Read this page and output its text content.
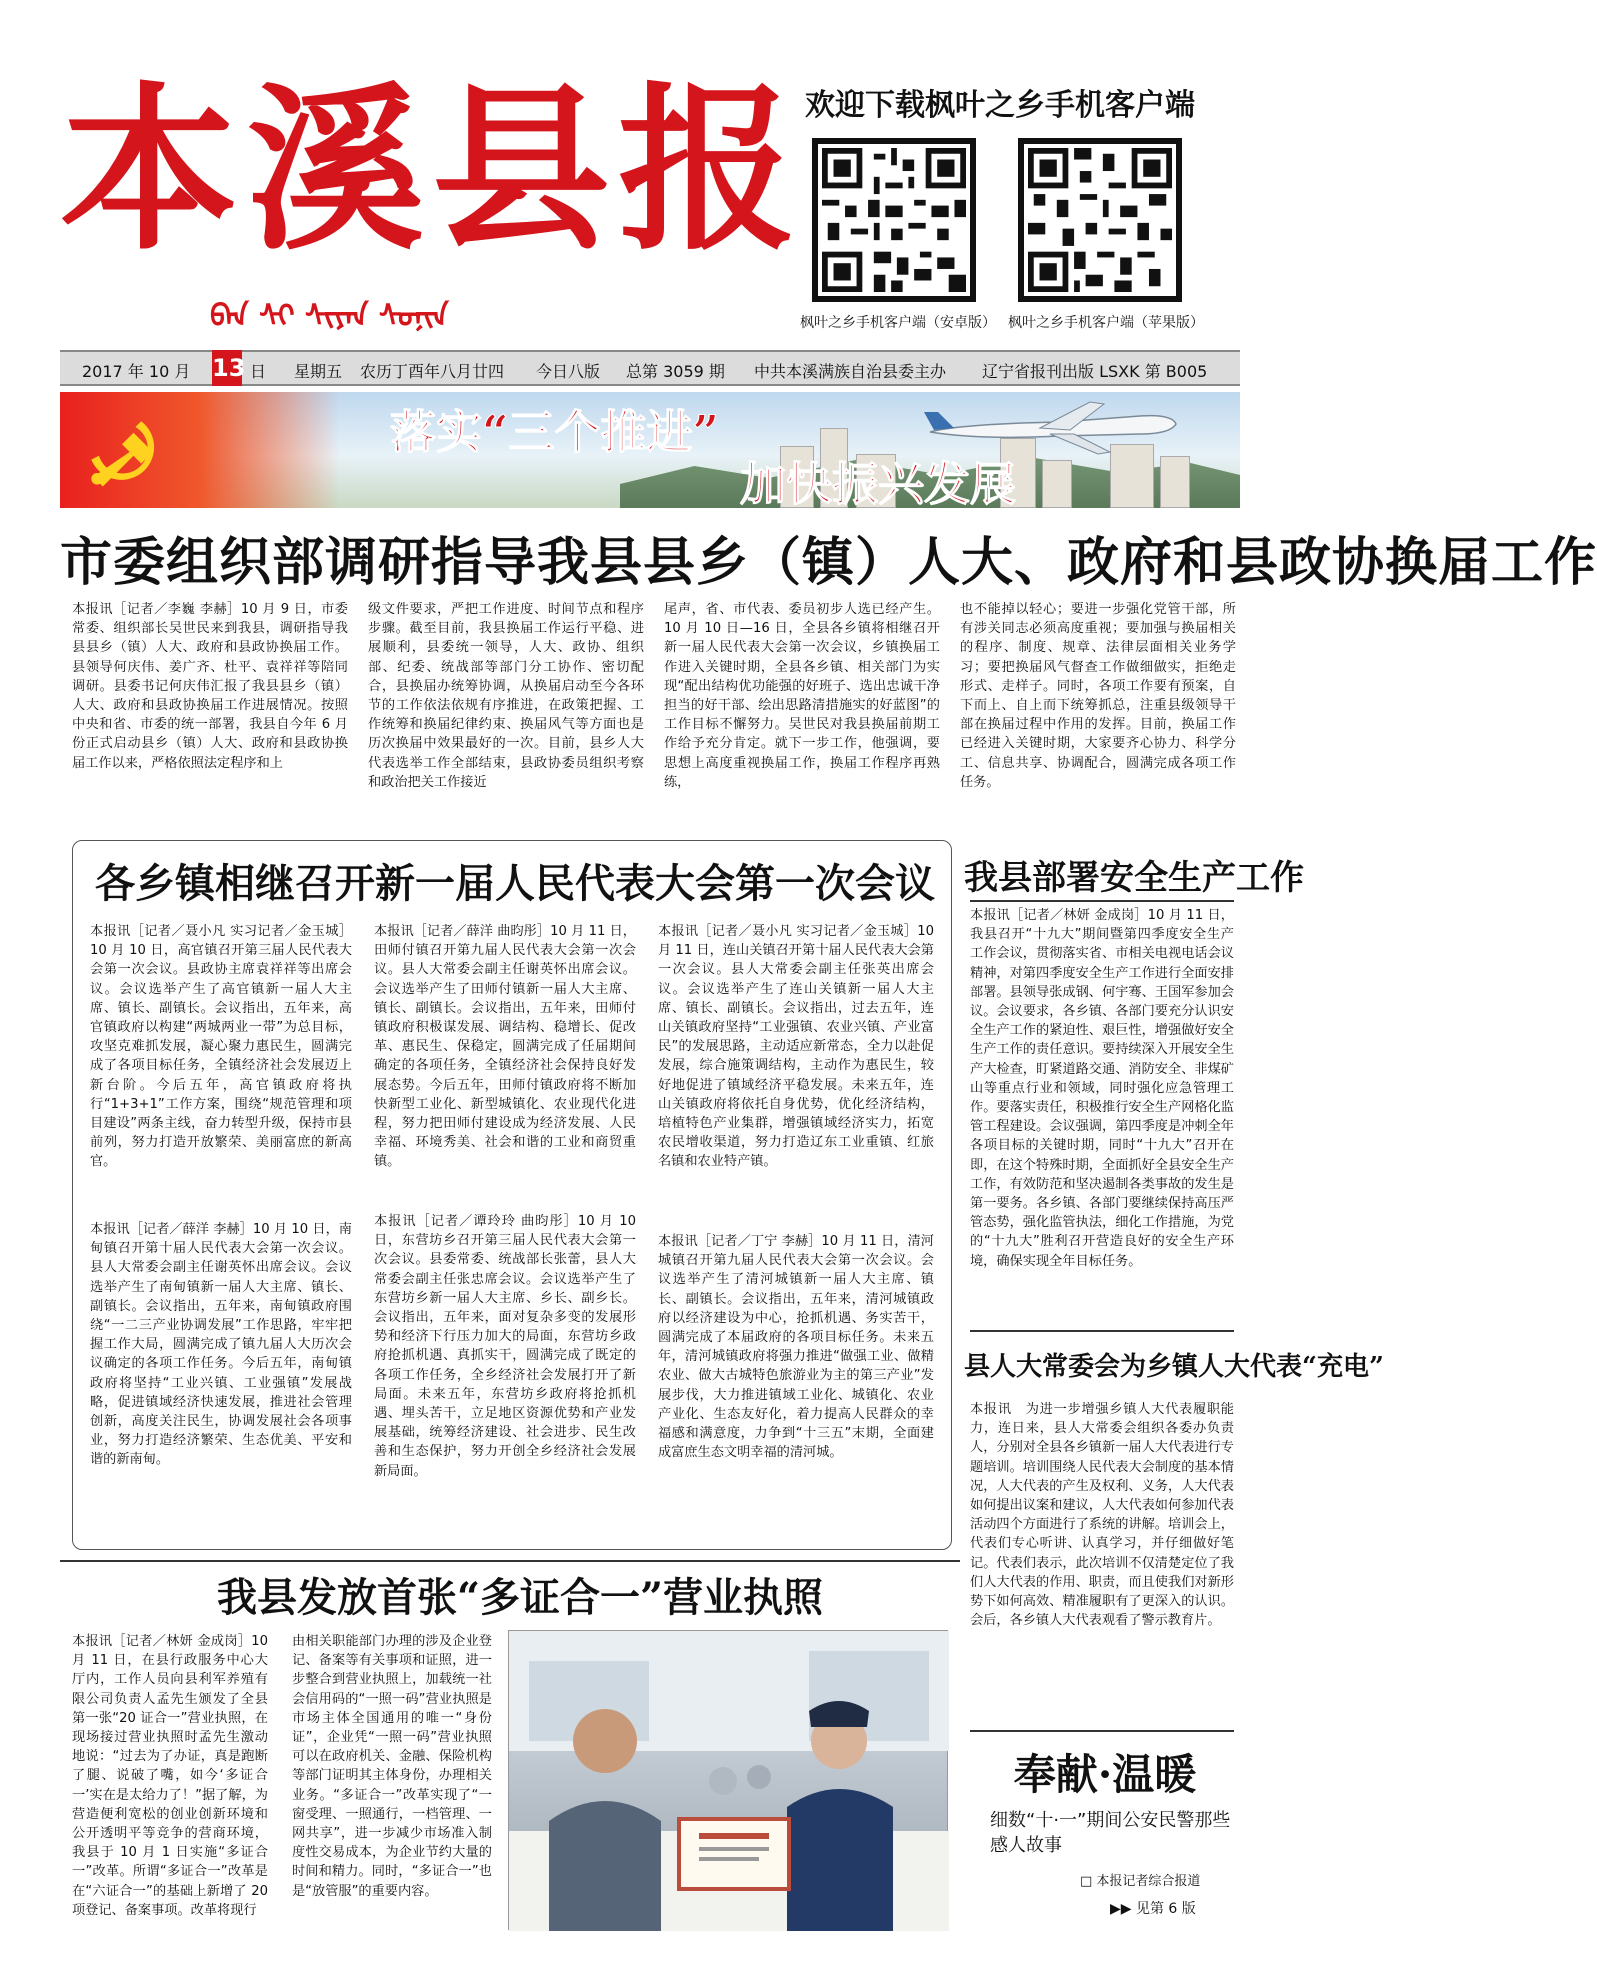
本溪县报
ᠪᠡᠨ ᠰᠢ ᠰᠢᠶᠠᠨ ᠰᠣᠨᠢᠨ
欢迎下载枫叶之乡手机客户端
枫叶之乡手机客户端（安卓版） 枫叶之乡手机客户端（苹果版）
2017 年 10 月 13 日 星期五 农历丁酉年八月廿四 今日八版 总第 3059 期 中共本溪满族自治县委主办 辽宁省报刊出版 LSXK 第 B005
落实“三个推进”
加快振兴发展
市委组织部调研指导我县县乡（镇）人大、政府和县政协换届工作
本报讯［记者／李巍 李赫］10 月 9 日，市委常委、组织部长吴世民来到我县，调研指导我县县乡（镇）人大、政府和县政协换届工作。县领导何庆伟、姜广齐、杜平、袁祥祥等陪同调研。县委书记何庆伟汇报了我县县乡（镇）人大、政府和县政协换届工作进展情况。按照中央和省、市委的统一部署，我县自今年 6 月份正式启动县乡（镇）人大、政府和县政协换届工作以来，严格依照法定程序和上
级文件要求，严把工作进度、时间节点和程序步骤。截至目前，我县换届工作运行平稳、进展顺利，县委统一领导，人大、政协、组织部、纪委、统战部等部门分工协作、密切配合，县换届办统筹协调，从换届启动至今各环节的工作依法依规有序推进，在政策把握、工作统筹和换届纪律约束、换届风气等方面也是历次换届中效果最好的一次。目前，县乡人大代表选举工作全部结束，县政协委员组织考察和政治把关工作接近
尾声，省、市代表、委员初步人选已经产生。10 月 10 日—16 日，全县各乡镇将相继召开新一届人民代表大会第一次会议，乡镇换届工作进入关键时期，全县各乡镇、相关部门为实现“配出结构优功能强的好班子、选出忠诚干净担当的好干部、绘出思路清措施实的好蓝图”的工作目标不懈努力。吴世民对我县换届前期工作给予充分肯定。就下一步工作，他强调，要思想上高度重视换届工作，换届工作程序再熟练，
也不能掉以轻心；要进一步强化党管干部，所有涉关同志必须高度重视；要加强与换届相关的程序、制度、规章、法律层面相关业务学习；要把换届风气督查工作做细做实，拒绝走形式、走样子。同时，各项工作要有预案，自下而上、自上而下统筹抓总，注重县级领导干部在换届过程中作用的发挥。目前，换届工作已经进入关键时期，大家要齐心协力、科学分工、信息共享、协调配合，圆满完成各项工作任务。
各乡镇相继召开新一届人民代表大会第一次会议
本报讯［记者／聂小凡 实习记者／金玉城］10 月 10 日，高官镇召开第三届人民代表大会第一次会议。县政协主席袁祥祥等出席会议。会议选举产生了高官镇新一届人大主席、镇长、副镇长。会议指出，五年来，高官镇政府以构建“两城两业一带”为总目标，攻坚克难抓发展，凝心聚力惠民生，圆满完成了各项目标任务，全镇经济社会发展迈上新台阶。今后五年，高官镇政府将执行“1+3+1”工作方案，围绕“规范管理和项目建设”两条主线，奋力转型升级，保持市县前列，努力打造开放繁荣、美丽富庶的新高官。
本报讯［记者／薛洋 李赫］10 月 10 日，南甸镇召开第十届人民代表大会第一次会议。县人大常委会副主任谢英怀出席会议。会议选举产生了南甸镇新一届人大主席、镇长、副镇长。会议指出，五年来，南甸镇政府围绕“一二三产业协调发展”工作思路，牢牢把握工作大局，圆满完成了镇九届人大历次会议确定的各项工作任务。今后五年，南甸镇政府将坚持“工业兴镇、工业强镇”发展战略，促进镇域经济快速发展，推进社会管理创新，高度关注民生，协调发展社会各项事业，努力打造经济繁荣、生态优美、平安和谐的新南甸。
本报讯［记者／薛洋 曲昀彤］10 月 11 日，田师付镇召开第九届人民代表大会第一次会议。县人大常委会副主任谢英怀出席会议。会议选举产生了田师付镇新一届人大主席、镇长、副镇长。会议指出，五年来，田师付镇政府积极谋发展、调结构、稳增长、促改革、惠民生、保稳定，圆满完成了任届期间确定的各项任务，全镇经济社会保持良好发展态势。今后五年，田师付镇政府将不断加快新型工业化、新型城镇化、农业现代化进程，努力把田师付建设成为经济发展、人民幸福、环境秀美、社会和谐的工业和商贸重镇。
本报讯［记者／谭玲玲 曲昀彤］10 月 10 日，东营坊乡召开第三届人民代表大会第一次会议。县委常委、统战部长张蕾，县人大常委会副主任张忠席会议。会议选举产生了东营坊乡新一届人大主席、乡长、副乡长。会议指出，五年来，面对复杂多变的发展形势和经济下行压力加大的局面，东营坊乡政府抢抓机遇、真抓实干，圆满完成了既定的各项工作任务，全乡经济社会发展打开了新局面。未来五年，东营坊乡政府将抢抓机遇、埋头苦干，立足地区资源优势和产业发展基础，统筹经济建设、社会进步、民生改善和生态保护，努力开创全乡经济社会发展新局面。
本报讯［记者／聂小凡 实习记者／金玉城］10 月 11 日，连山关镇召开第十届人民代表大会第一次会议。县人大常委会副主任张英出席会议。会议选举产生了连山关镇新一届人大主席、镇长、副镇长。会议指出，过去五年，连山关镇政府坚持“工业强镇、农业兴镇、产业富民”的发展思路，主动适应新常态，全力以赴促发展，综合施策调结构，主动作为惠民生，较好地促进了镇域经济平稳发展。未来五年，连山关镇政府将依托自身优势，优化经济结构，培植特色产业集群，增强镇域经济实力，拓宽农民增收渠道，努力打造辽东工业重镇、红旅名镇和农业特产镇。
本报讯［记者／丁宁 李赫］10 月 11 日，清河城镇召开第九届人民代表大会第一次会议。会议选举产生了清河城镇新一届人大主席、镇长、副镇长。会议指出，五年来，清河城镇政府以经济建设为中心，抢抓机遇、务实苦干，圆满完成了本届政府的各项目标任务。未来五年，清河城镇政府将强力推进“做强工业、做精农业、做大古城特色旅游业为主的第三产业”发展步伐，大力推进镇域工业化、城镇化、农业产业化、生态友好化，着力提高人民群众的幸福感和满意度，力争到“十三五”末期，全面建成富庶生态文明幸福的清河城。
我县部署安全生产工作
本报讯［记者／林妍 金成岗］10 月 11 日，我县召开“十九大”期间暨第四季度安全生产工作会议，贯彻落实省、市相关电视电话会议精神，对第四季度安全生产工作进行全面安排部署。县领导张成钢、何宇骞、王国军参加会议。会议要求，各乡镇、各部门要充分认识安全生产工作的紧迫性、艰巨性，增强做好安全生产工作的责任意识。要持续深入开展安全生产大检查，盯紧道路交通、消防安全、非煤矿山等重点行业和领域，同时强化应急管理工作。要落实责任，积极推行安全生产网格化监管工程建设。会议强调，第四季度是冲刺全年各项目标的关键时期，同时“十九大”召开在即，在这个特殊时期，全面抓好全县安全生产工作，有效防范和坚决遏制各类事故的发生是第一要务。各乡镇、各部门要继续保持高压严管态势，强化监管执法，细化工作措施，为党的“十九大”胜利召开营造良好的安全生产环境，确保实现全年目标任务。
县人大常委会为乡镇人大代表“充电”
本报讯　为进一步增强乡镇人大代表履职能力，连日来，县人大常委会组织各委办负责人，分别对全县各乡镇新一届人大代表进行专题培训。培训围绕人民代表大会制度的基本情况，人大代表的产生及权利、义务，人大代表如何提出议案和建议，人大代表如何参加代表活动四个方面进行了系统的讲解。培训会上，代表们专心听讲、认真学习，并仔细做好笔记。代表们表示，此次培训不仅清楚定位了我们人大代表的作用、职责，而且使我们对新形势下如何高效、精准履职有了更深入的认识。会后，各乡镇人大代表观看了警示教育片。
□ 本报记者综合报道
我县发放首张“多证合一”营业执照
本报讯［记者／林妍 金成岗］10 月 11 日，在县行政服务中心大厅内，工作人员向县利军养殖有限公司负责人孟先生颁发了全县第一张“20 证合一”营业执照，在现场接过营业执照时孟先生激动地说：“过去为了办证，真是跑断了腿、说破了嘴，如今‘多证合一’实在是太给力了！”据了解，为营造便利宽松的创业创新环境和公开透明平等竞争的营商环境，我县于 10 月 1 日实施“多证合一”改革。所谓“多证合一”改革是在“六证合一”的基础上新增了 20 项登记、备案事项。改革将现行
由相关职能部门办理的涉及企业登记、备案等有关事项和证照，进一步整合到营业执照上，加载统一社会信用码的“一照一码”营业执照是市场主体全国通用的唯一“身份证”，企业凭“一照一码”营业执照可以在政府机关、金融、保险机构等部门证明其主体身份，办理相关业务。“多证合一”改革实现了“一窗受理、一照通行，一档管理、一网共享”，进一步减少市场准入制度性交易成本，为企业节约大量的时间和精力。同时，“多证合一”也是“放管服”的重要内容。
奉献·温暖
细数“十·一”期间公安民警那些感人故事
▶▶ 见第 6 版
